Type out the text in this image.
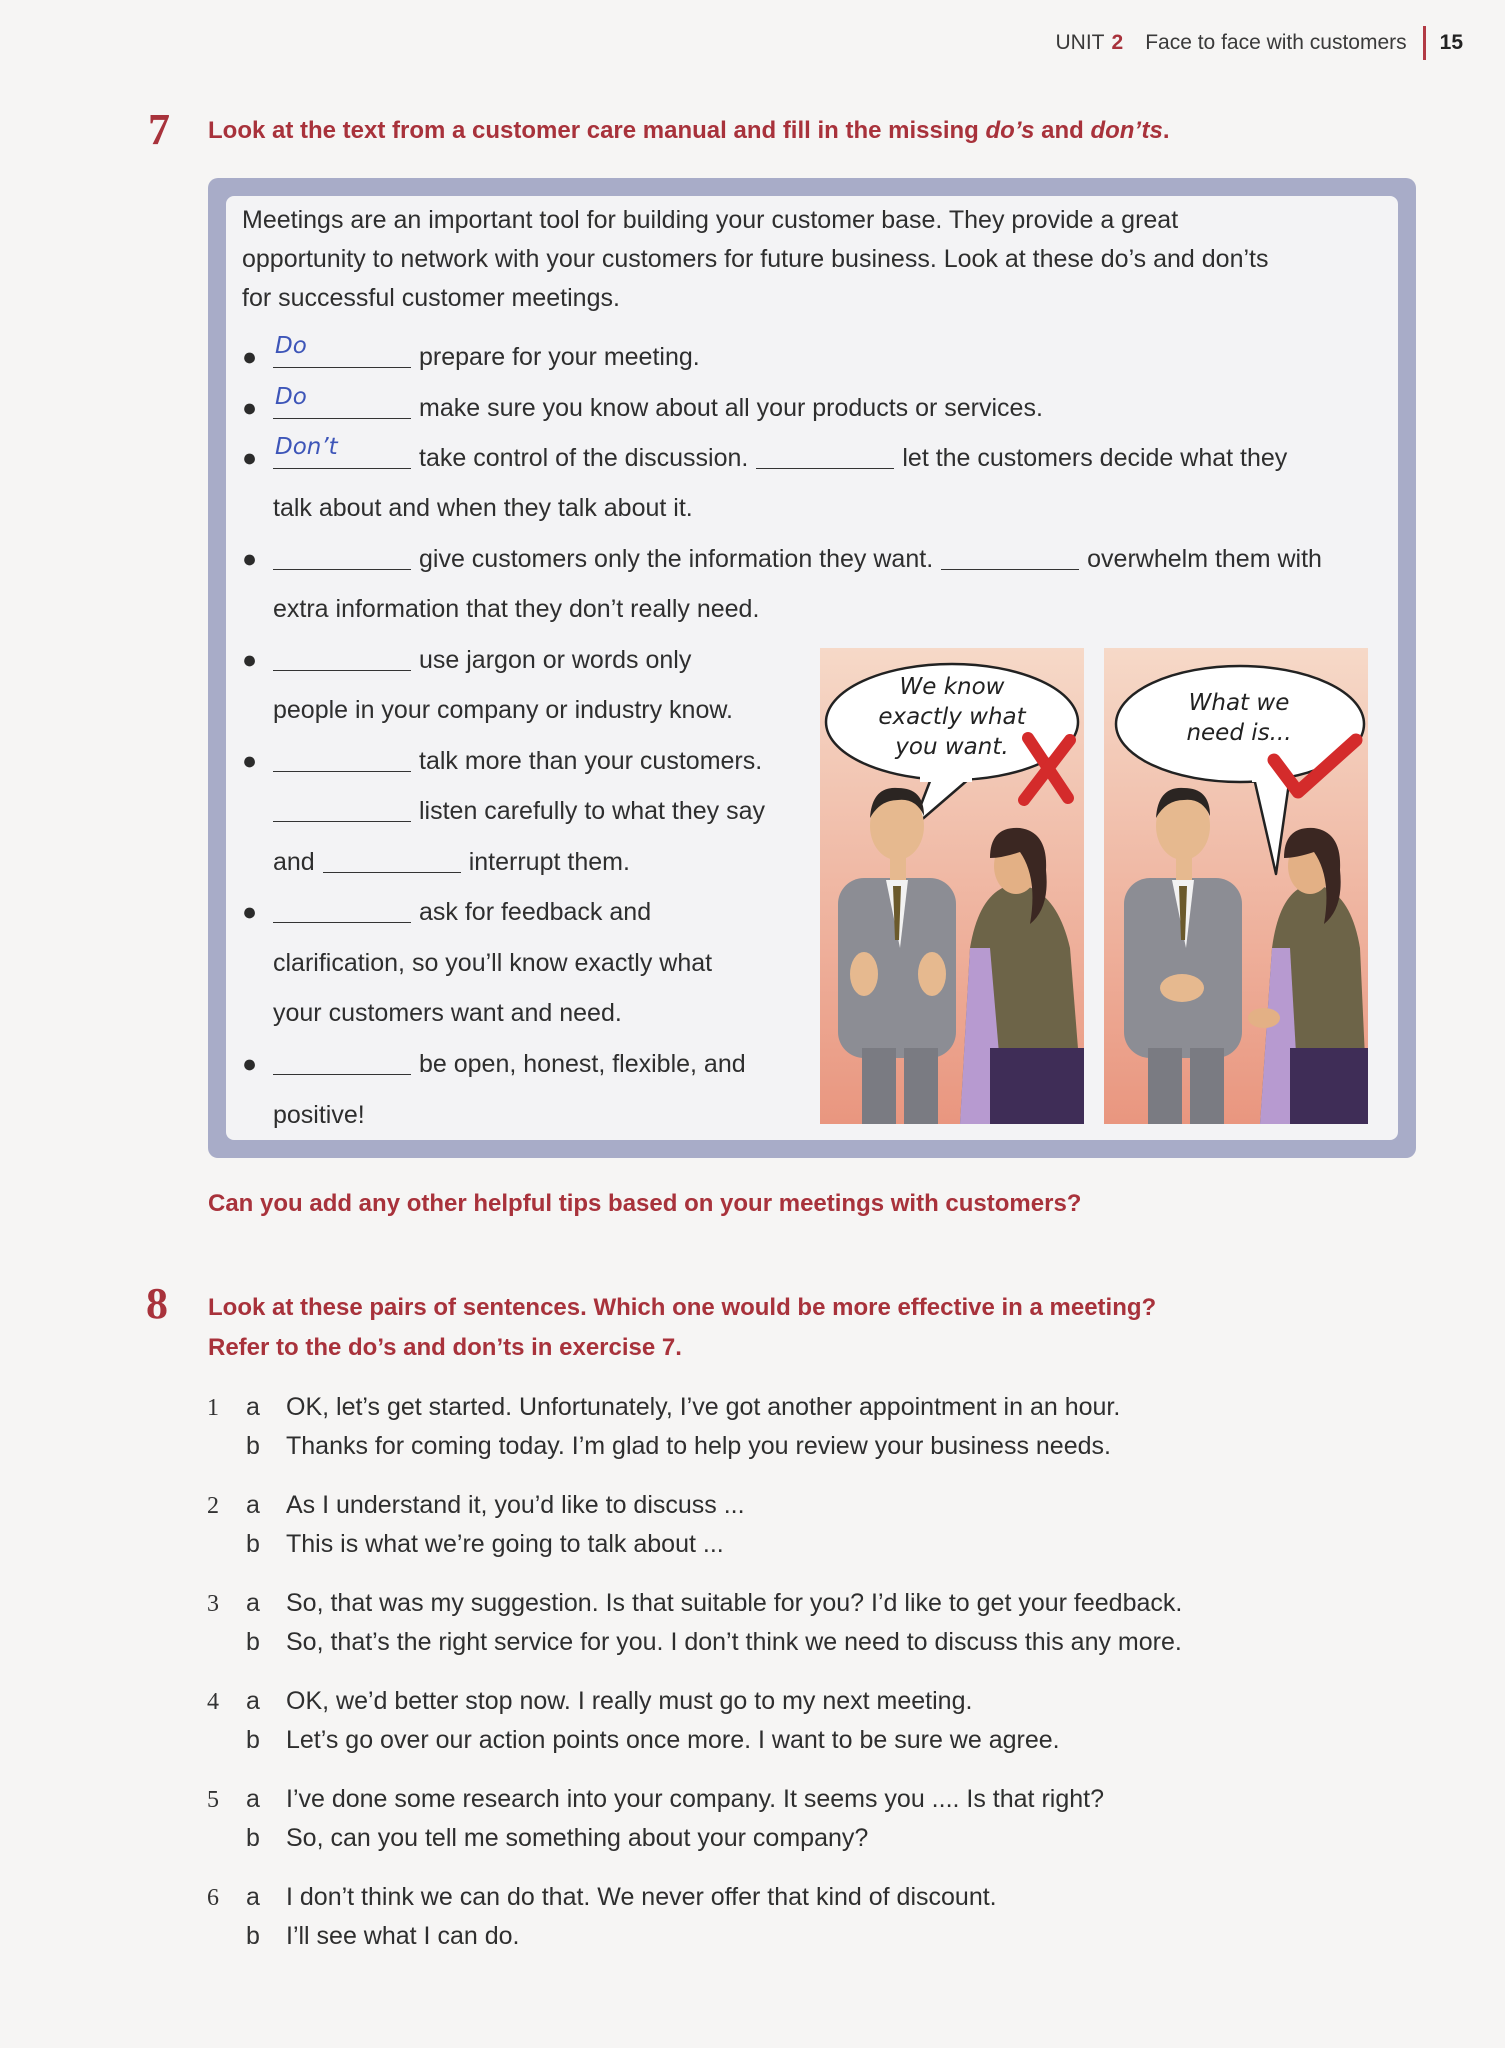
UNIT 2 Face to face with customers 15
7 Look at the text from a customer care manual and fill in the missing do’s and don’ts.
Meetings are an important tool for building your customer base. They provide a great
opportunity to network with your customers for future business. Look at these do’s and don’ts
for successful customer meetings.
● Do	prepare for your meeting.
● Do	make sure you know about all your products or services.
● Don’t	take control of the discussion.	let the customers decide what they
talk about and when they talk about it.
●	give customers only the information they want.	overwhelm them with
extra information that they don’t really need.
●	use jargon or words only
people in your company or industry know.
●	talk more than your customers.
listen carefully to what they say
and	interrupt them.
●	ask for feedback and
clarification, so you’ll know exactly what
your customers want and need.
●	be open, honest, flexible, and
positive!
We know
exactly what
you want.
What we
need is...
Can you add any other helpful tips based on your meetings with customers?
8 Look at these pairs of sentences. Which one would be more effective in a meeting?
Refer to the do’s and don’ts in exercise 7.
1 a OK, let’s get started. Unfortunately, I’ve got another appointment in an hour.
b Thanks for coming today. I’m glad to help you review your business needs.
2 a As I understand it, you’d like to discuss ...
b This is what we’re going to talk about ...
3 a So, that was my suggestion. Is that suitable for you? I’d like to get your feedback.
b So, that’s the right service for you. I don’t think we need to discuss this any more.
4 a OK, we’d better stop now. I really must go to my next meeting.
b Let’s go over our action points once more. I want to be sure we agree.
5 a I’ve done some research into your company. It seems you .... Is that right?
b So, can you tell me something about your company?
6 a I don’t think we can do that. We never offer that kind of discount.
b I’ll see what I can do.
